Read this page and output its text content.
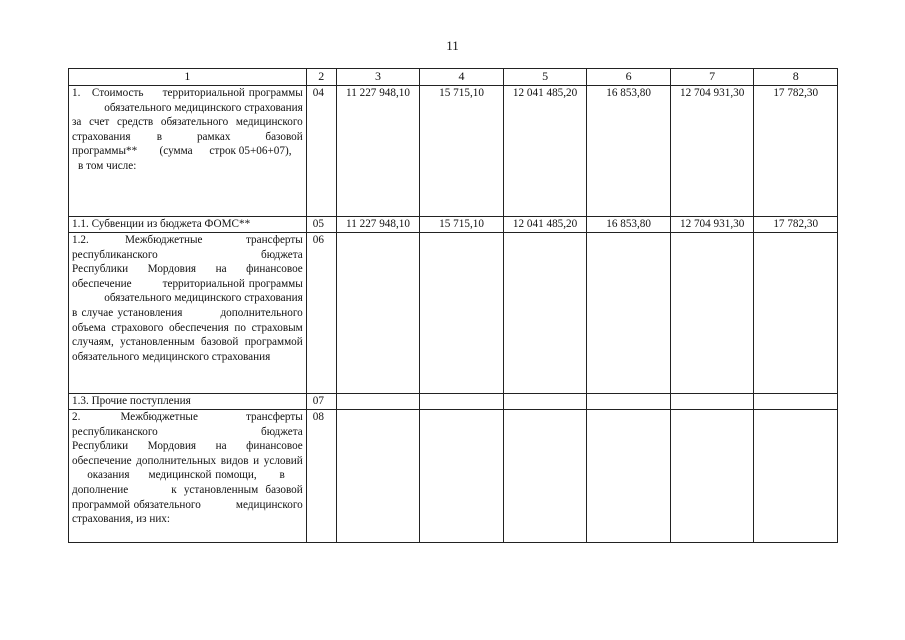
11
1	2	3	4	5	6	7	8

1.   Стоимость     территориальной программы            обязательного медицинского страхования за счет средств обязательного медицинского страхования   в    рамках    базовой программы**        (сумма      строк 05+06+07),
в том числе:	04	11 227 948,10	15 715,10	12 041 485,20	16 853,80	12 704 931,30	17 782,30
1.1. Субвенции из бюджета ФОМС**	05	11 227 948,10	15 715,10	12 041 485,20	16 853,80	12 704 931,30	17 782,30
1.2.     Межбюджетные      трансферты республиканского                  бюджета Республики Мордовия на финансовое обеспечение        территориальной программы            обязательного медицинского страхования в случае установления         дополнительного объема страхового обеспечения по страховым случаям, установленным базовой программой обязательного медицинского страхования	06						
1.3. Прочие поступления	07						
2.     Межбюджетные      трансферты республиканского                  бюджета Республики Мордовия на финансовое обеспечение дополнительных видов и условий     оказания     медицинской помощи,      в      дополнение      к установленным базовой программой обязательного          медицинского страхования, из них:	08						
